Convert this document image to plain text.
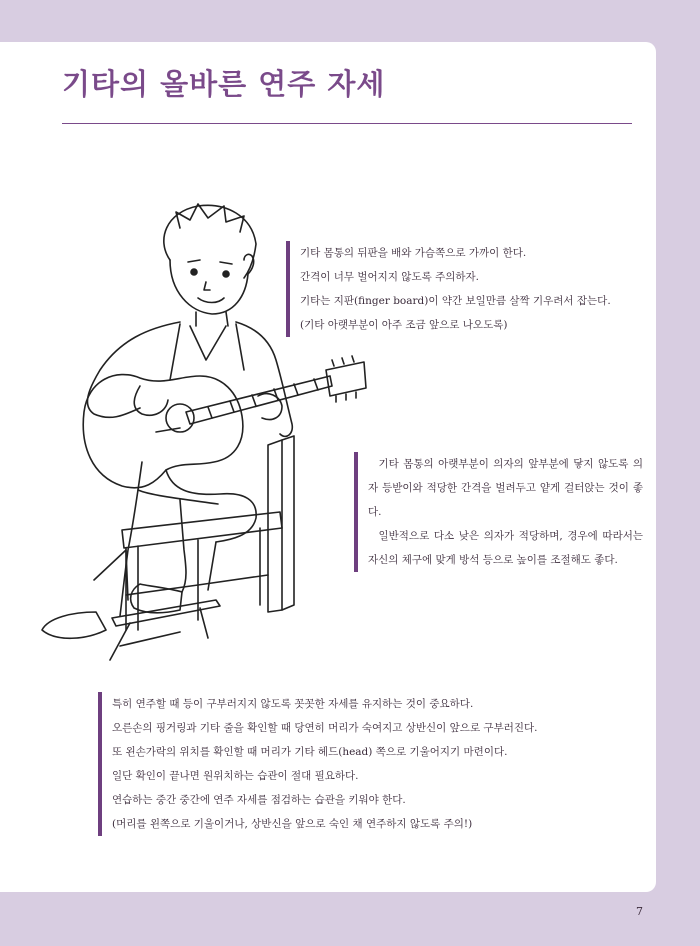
기타의 올바른 연주 자세

기타 몸통의 뒤판을 배와 가슴쪽으로 가까이 한다.

간격이 너무 벌어지지 않도록 주의하자.

기타는 지판(finger board)이 약간 보일만큼 살짝 기우려서 잡는다.

(기타 아랫부분이 아주 조금 앞으로 나오도록)

기타 몸통의 아랫부분이 의자의 앞부분에 닿지 않도록 의자 등받이와 적당한 간격을 벌려두고 얕게 걸터앉는 것이 좋다.

일반적으로 다소 낮은 의자가 적당하며, 경우에 따라서는 자신의 체구에 맞게 방석 등으로 높이를 조절해도 좋다.

특히 연주할 때 등이 구부러지지 않도록 꼿꼿한 자세를 유지하는 것이 중요하다.

오른손의 핑거링과 기타 줄을 확인할 때 당연히 머리가 숙여지고 상반신이 앞으로 구부러진다.

또 왼손가락의 위치를 확인할 때 머리가 기타 헤드(head) 쪽으로 기울어지기 마련이다.

일단 확인이 끝나면 원위치하는 습관이 절대 필요하다.

연습하는 중간 중간에 연주 자세를 점검하는 습관을 키워야 한다.

(머리를 왼쪽으로 기울이거나, 상반신을 앞으로 숙인 채 연주하지 않도록 주의!)

7
